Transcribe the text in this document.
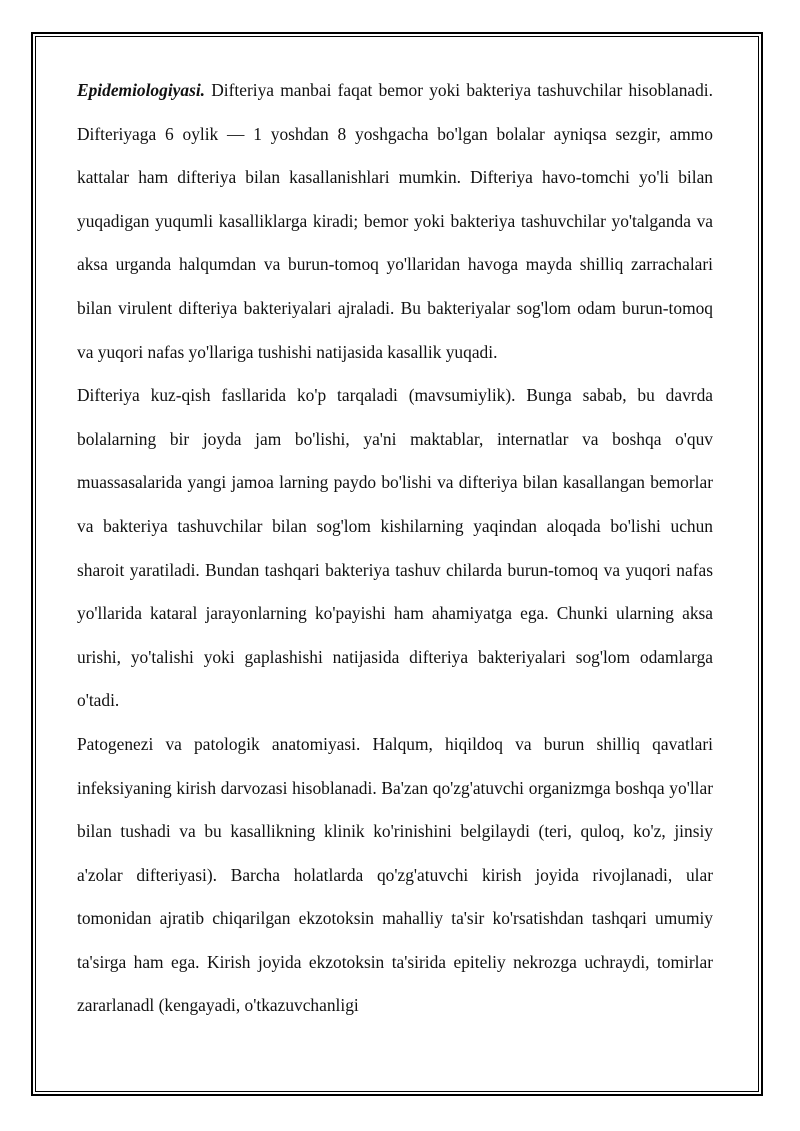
Epidemiologiyasi. Difteriya manbai faqat bemor yoki bakteriya tashuvchilar hisoblanadi. Difteriyaga 6 oylik — 1 yoshdan 8 yoshgacha bo'lgan bolalar ayniqsa sezgir, ammo kattalar ham difteriya bilan kasallanishlari mumkin. Difteriya havo-tomchi yo'li bilan yuqadigan yuqumli kasalliklarga kiradi; bemor yoki bakteriya tashuvchilar yo'talganda va aksa urganda halqumdan va burun-tomoq yo'llaridan havoga mayda shilliq zarrachalari bilan virulent difteriya bakteriyalari ajraladi. Bu bakteriyalar sog'lom odam burun-tomoq va yuqori nafas yo'llariga tushishi natijasida kasallik yuqadi.

Difteriya kuz-qish fasllarida ko'p tarqaladi (mavsumiylik). Bunga sabab, bu davrda bolalarning bir joyda jam bo'lishi, ya'ni maktablar, internatlar va boshqa o'quv muassasalarida yangi jamoa larning paydo bo'lishi va difteriya bilan kasallangan bemorlar va bakteriya tashuvchilar bilan sog'lom kishilarning yaqindan aloqada bo'lishi uchun sharoit yaratiladi. Bundan tashqari bakteriya tashuv chilarda burun-tomoq va yuqori nafas yo'llarida kataral jarayonlarning ko'payishi ham ahamiyatga ega. Chunki ularning aksa urishi, yo'talishi yoki gaplashishi natijasida difteriya bakteriyalari sog'lom odamlarga o'tadi.

Patogenezi va patologik anatomiyasi. Halqum, hiqildoq va burun shilliq qavatlari infeksiyaning kirish darvozasi hisoblanadi. Ba'zan qo'zg'atuvchi organizmga boshqa yo'llar bilan tushadi va bu kasallikning klinik ko'rinishini belgilaydi (teri, quloq, ko'z, jinsiy a'zolar difteriyasi). Barcha holatlarda qo'zg'atuvchi kirish joyida rivojlanadi, ular tomonidan ajratib chiqarilgan ekzotoksin mahalliy ta'sir ko'rsatishdan tashqari umumiy ta'sirga ham ega. Kirish joyida ekzotoksin ta'sirida epiteliy nekrozga uchraydi, tomirlar zararlanadl (kengayadi, o'tkazuvchanligi
